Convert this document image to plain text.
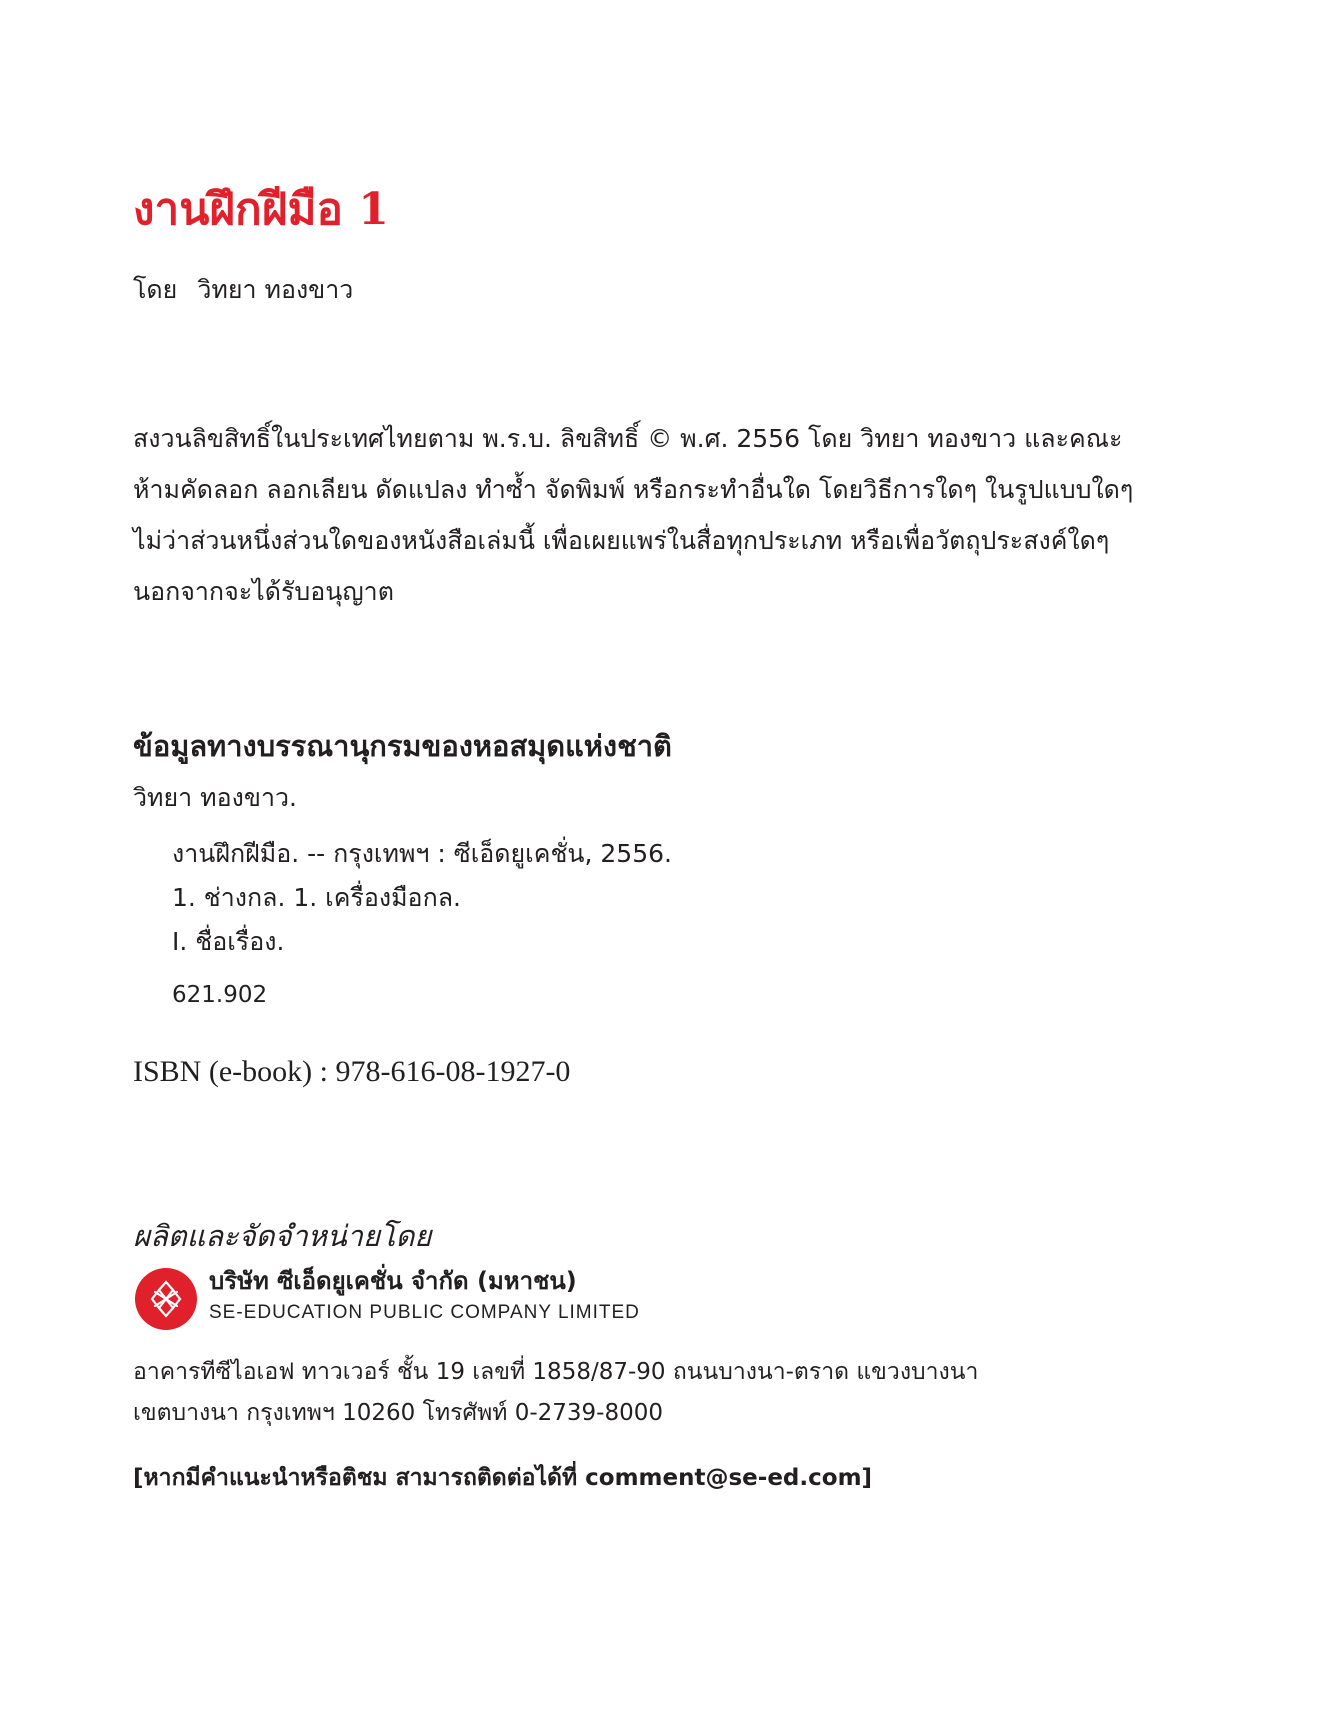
งานฝึกฝีมือ 1
โดย วิทยา ทองขาว
สงวนลิขสิทธิ์ในประเทศไทยตาม พ.ร.บ. ลิขสิทธิ์ © พ.ศ. 2556 โดย วิทยา ทองขาว และคณะ
ห้ามคัดลอก ลอกเลียน ดัดแปลง ทำซ้ำ จัดพิมพ์ หรือกระทำอื่นใด โดยวิธีการใดๆ ในรูปแบบใดๆ
ไม่ว่าส่วนหนึ่งส่วนใดของหนังสือเล่มนี้ เพื่อเผยแพร่ในสื่อทุกประเภท หรือเพื่อวัตถุประสงค์ใดๆ
นอกจากจะได้รับอนุญาต
ข้อมูลทางบรรณานุกรมของหอสมุดแห่งชาติ
วิทยา ทองขาว.
งานฝึกฝีมือ. -- กรุงเทพฯ : ซีเอ็ดยูเคชั่น, 2556.
1. ช่างกล. 1. เครื่องมือกล.
I. ชื่อเรื่อง.
621.902
ISBN (e-book) : 978-616-08-1927-0
ผลิตและจัดจำหน่ายโดย
บริษัท ซีเอ็ดยูเคชั่น จำกัด (มหาชน)
SE-EDUCATION PUBLIC COMPANY LIMITED
อาคารทีซีไอเอฟ ทาวเวอร์ ชั้น 19 เลขที่ 1858/87-90 ถนนบางนา-ตราด แขวงบางนา
เขตบางนา กรุงเทพฯ 10260 โทรศัพท์ 0-2739-8000
[หากมีคำแนะนำหรือติชม สามารถติดต่อได้ที่ comment@se-ed.com]
